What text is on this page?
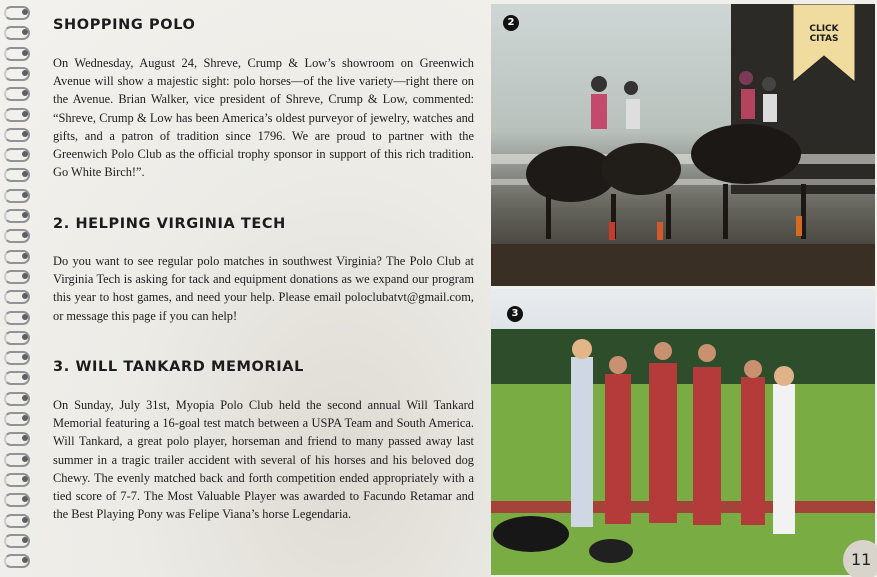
SHOPPING POLO

On Wednesday, August 24, Shreve, Crump & Low’s showroom on Greenwich Avenue will show a majestic sight: polo horses—of the live variety—right there on the Avenue. Brian Walker, vice president of Shreve, Crump & Low, commented: “Shreve, Crump & Low has been America’s oldest purveyor of jewelry, watches and gifts, and a patron of tradition since 1796. We are proud to partner with the Greenwich Polo Club as the official trophy sponsor in support of this rich tradition. Go White Birch!”.

2. HELPING VIRGINIA TECH

Do you want to see regular polo matches in southwest Virginia? The Polo Club at Virginia Tech is asking for tack and equipment donations as we expand our program this year to host games, and need your help. Please email poloclubatvt@gmail.com, or message this page if you can help!

3. WILL TANKARD MEMORIAL

On Sunday, July 31st, Myopia Polo Club held the second annual Will Tankard Memorial featuring a 16-goal test match between a USPA Team and South America. Will Tankard, a great polo player, horseman and friend to many passed away last summer in a tragic trailer accident with several of his horses and his beloved dog Chewy. The evenly matched back and forth competition ended appropriately with a tied score of 7-7. The Most Valuable Player was awarded to Facundo Retamar and the Best Playing Pony was Felipe Viana’s horse Legendaria.

2
CLICK
CITAS
3
11
